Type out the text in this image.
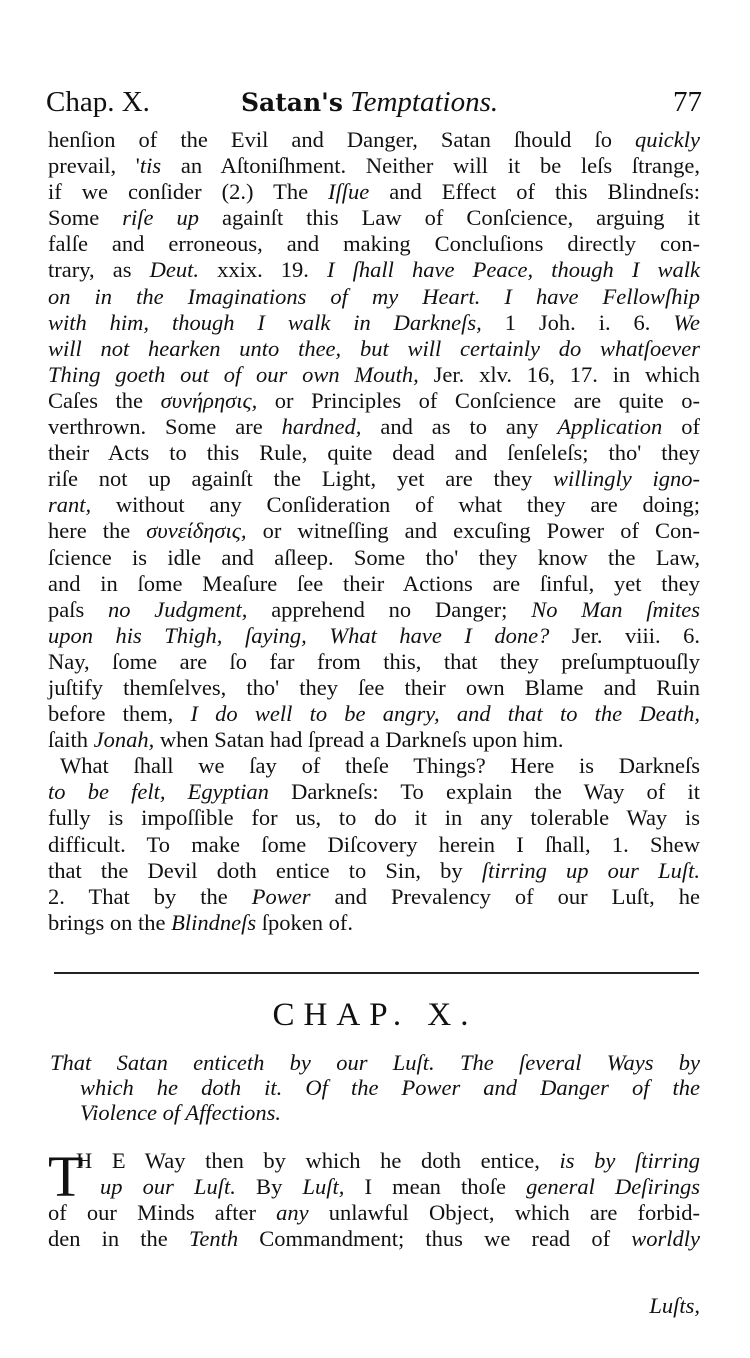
Chap. X.	Satan's Temptations.	77
henſion of the Evil and Danger, Satan ſhould ſo quickly
prevail, 'tis an Aſtoniſhment. Neither will it be leſs ſtrange,
if we conſider (2.) The Iſſue and Effect of this Blindneſs:
Some riſe up againſt this Law of Conſcience, arguing it
falſe and erroneous, and making Concluſions directly con-
trary, as Deut. xxix. 19. I ſhall have Peace, though I walk
on in the Imaginations of my Heart. I have Fellowſhip
with him, though I walk in Darkneſs, 1 Joh. i. 6. We
will not hearken unto thee, but will certainly do whatſoever
Thing goeth out of our own Mouth, Jer. xlv. 16, 17. in which
Caſes the συνήρησις, or Principles of Conſcience are quite o-
verthrown. Some are hardned, and as to any Application of
their Acts to this Rule, quite dead and ſenſeleſs; tho' they
riſe not up againſt the Light, yet are they willingly igno-
rant, without any Conſideration of what they are doing;
here the συνείδησις, or witneſſing and excuſing Power of Con-
ſcience is idle and aſleep. Some tho' they know the Law,
and in ſome Meaſure ſee their Actions are ſinful, yet they
paſs no Judgment, apprehend no Danger; No Man ſmites
upon his Thigh, ſaying, What have I done? Jer. viii. 6.
Nay, ſome are ſo far from this, that they preſumptuouſly
juſtify themſelves, tho' they ſee their own Blame and Ruin
before them, I do well to be angry, and that to the Death,
ſaith Jonah, when Satan had ſpread a Darkneſs upon him.
What ſhall we ſay of theſe Things? Here is Darkneſs
to be felt, Egyptian Darkneſs: To explain the Way of it
fully is impoſſible for us, to do it in any tolerable Way is
difficult. To make ſome Diſcovery herein I ſhall, 1. Shew
that the Devil doth entice to Sin, by ſtirring up our Luſt.
2. That by the Power and Prevalency of our Luſt, he
brings on the Blindneſs ſpoken of.
CHAP. X.
That Satan enticeth by our Luſt. The ſeveral Ways by
which he doth it. Of the Power and Danger of the
Violence of Affections.
T
H E Way then by which he doth entice, is by ſtirring
up our Luſt. By Luſt, I mean thoſe general Deſirings
of our Minds after any unlawful Object, which are forbid-
den in the Tenth Commandment; thus we read of worldly
Luſts,
